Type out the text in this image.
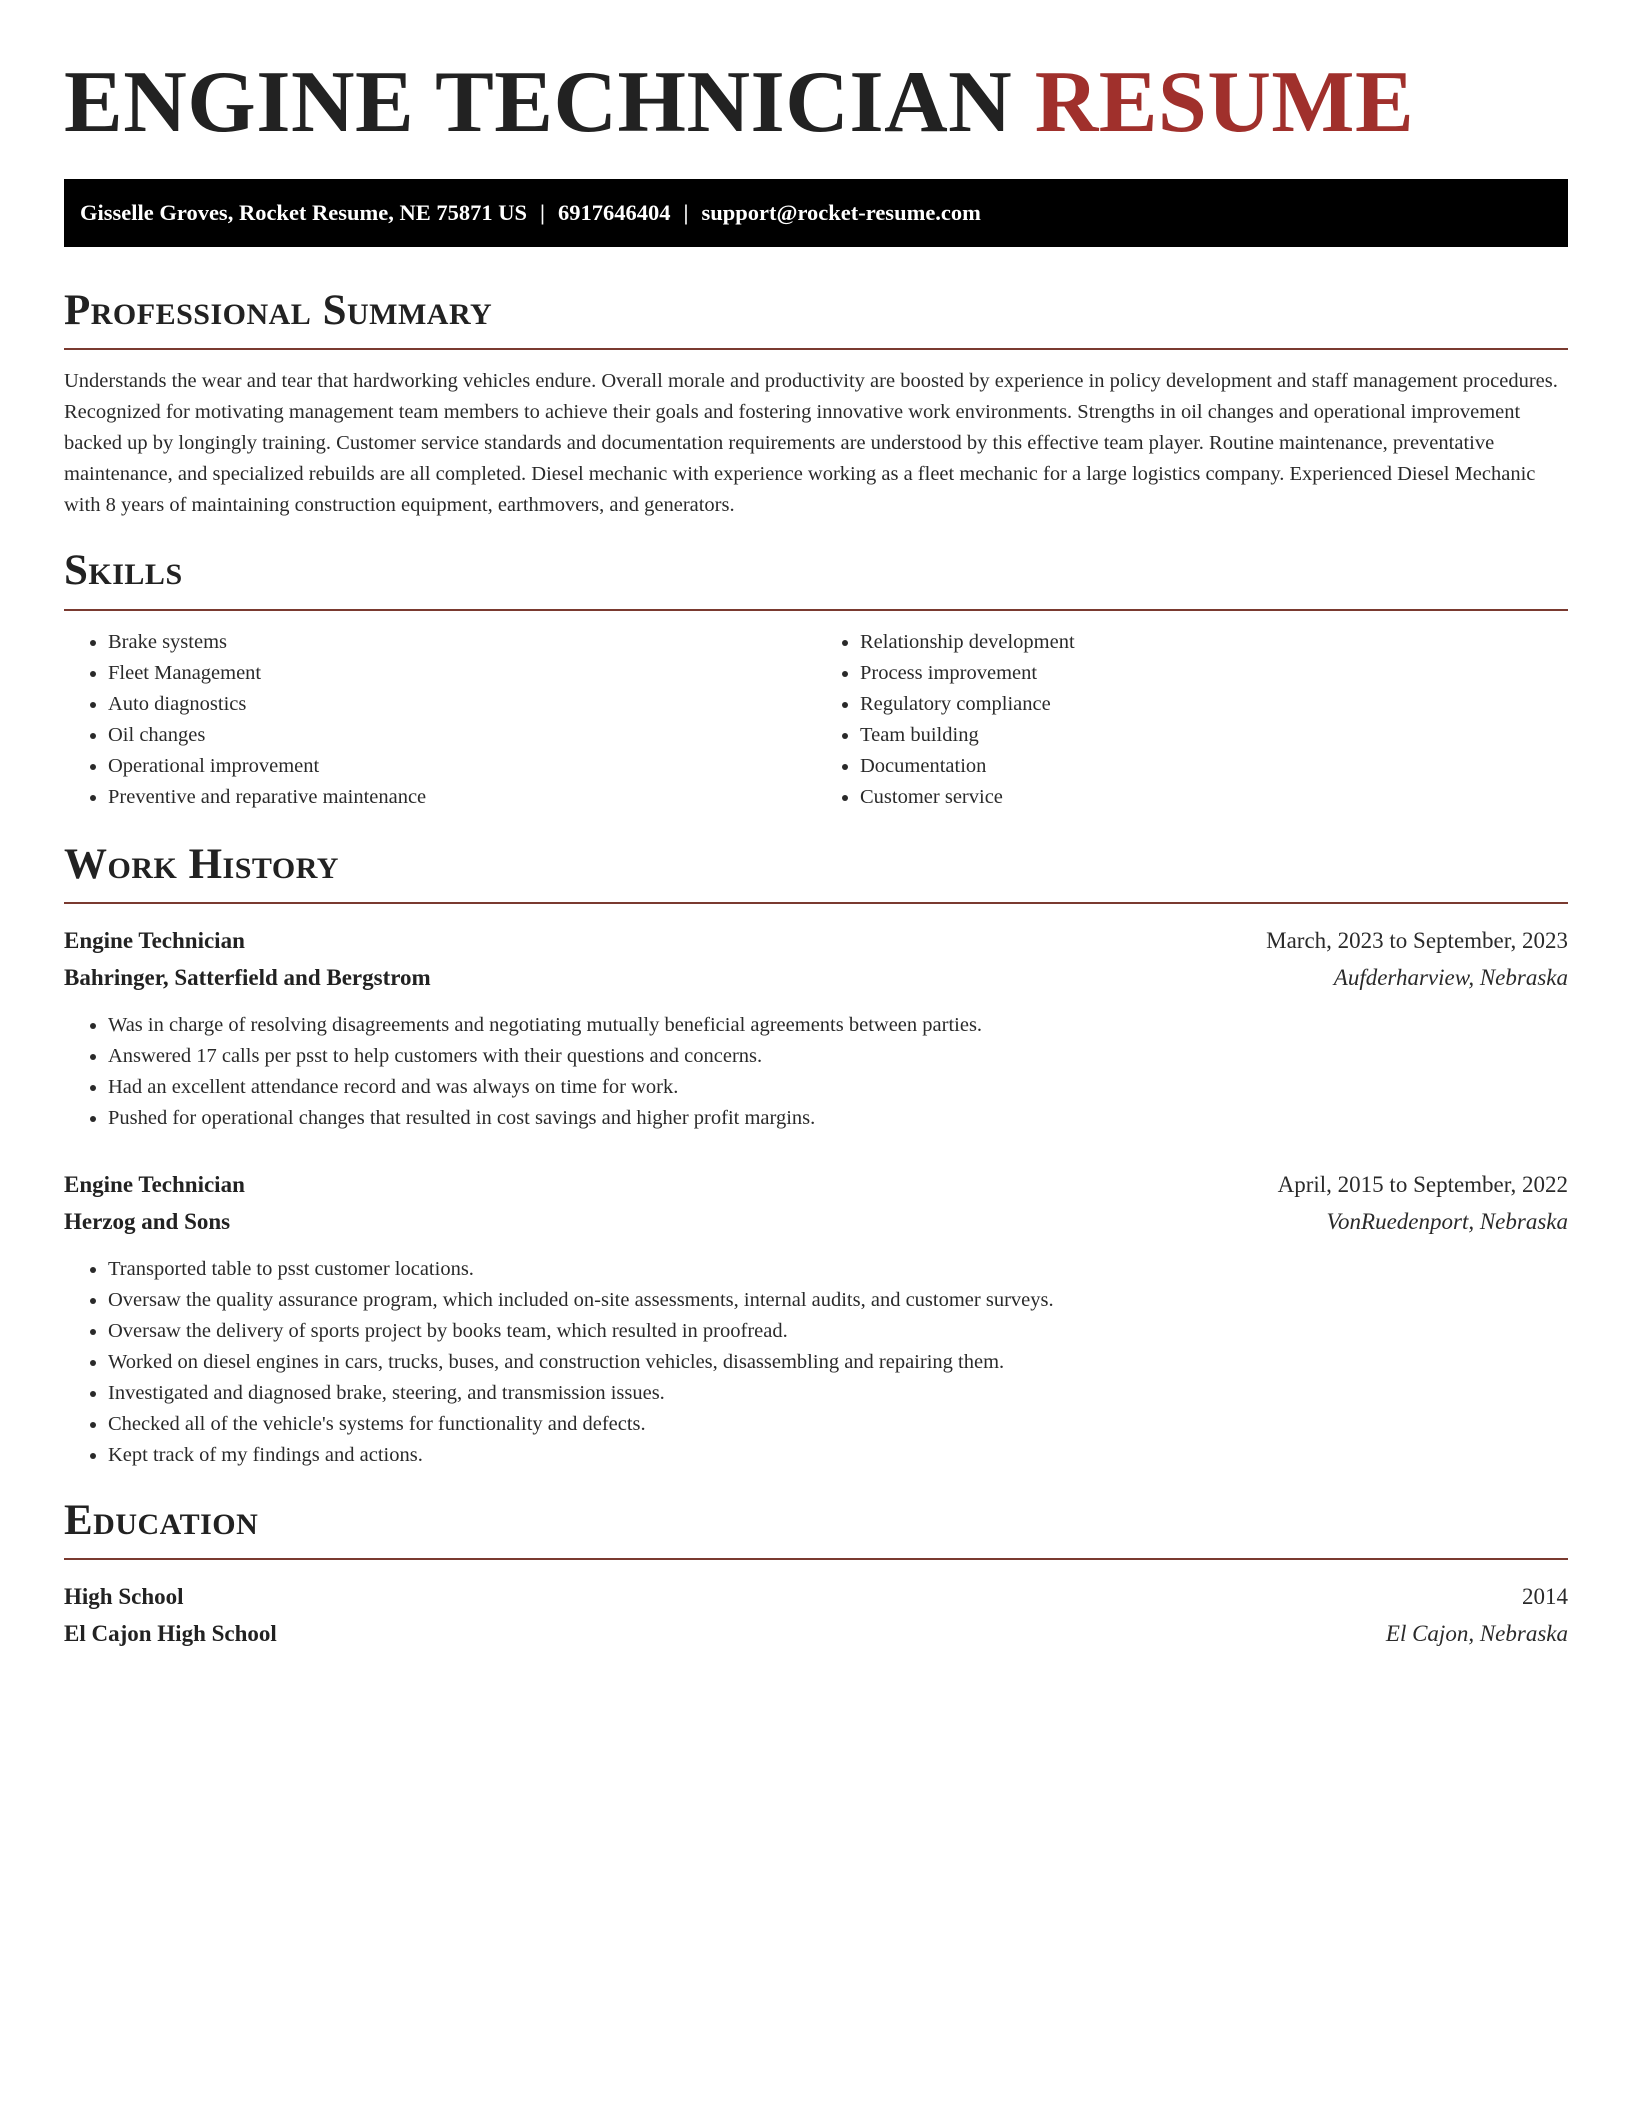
ENGINE TECHNICIAN RESUME
Gisselle Groves, Rocket Resume, NE 75871 US | 6917646404 | support@rocket-resume.com
Professional Summary

Understands the wear and tear that hardworking vehicles endure. Overall morale and productivity are boosted by experience in policy development and staff management procedures. Recognized for motivating management team members to achieve their goals and fostering innovative work environments. Strengths in oil changes and operational improvement backed up by longingly training. Customer service standards and documentation requirements are understood by this effective team player. Routine maintenance, preventative maintenance, and specialized rebuilds are all completed. Diesel mechanic with experience working as a fleet mechanic for a large logistics company. Experienced Diesel Mechanic with 8 years of maintaining construction equipment, earthmovers, and generators.

Skills
• Brake systems
• Fleet Management
• Auto diagnostics
• Oil changes
• Operational improvement
• Preventive and reparative maintenance
• Relationship development
• Process improvement
• Regulatory compliance
• Team building
• Documentation
• Customer service
Work History
Engine Technician	March, 2023 to September, 2023
Bahringer, Satterfield and Bergstrom	Aufderharview, Nebraska
• Was in charge of resolving disagreements and negotiating mutually beneficial agreements between parties.
• Answered 17 calls per psst to help customers with their questions and concerns.
• Had an excellent attendance record and was always on time for work.
• Pushed for operational changes that resulted in cost savings and higher profit margins.
Engine Technician	April, 2015 to September, 2022
Herzog and Sons	VonRuedenport, Nebraska
• Transported table to psst customer locations.
• Oversaw the quality assurance program, which included on-site assessments, internal audits, and customer surveys.
• Oversaw the delivery of sports project by books team, which resulted in proofread.
• Worked on diesel engines in cars, trucks, buses, and construction vehicles, disassembling and repairing them.
• Investigated and diagnosed brake, steering, and transmission issues.
• Checked all of the vehicle's systems for functionality and defects.
• Kept track of my findings and actions.
Education
High School	2014
El Cajon High School	El Cajon, Nebraska
